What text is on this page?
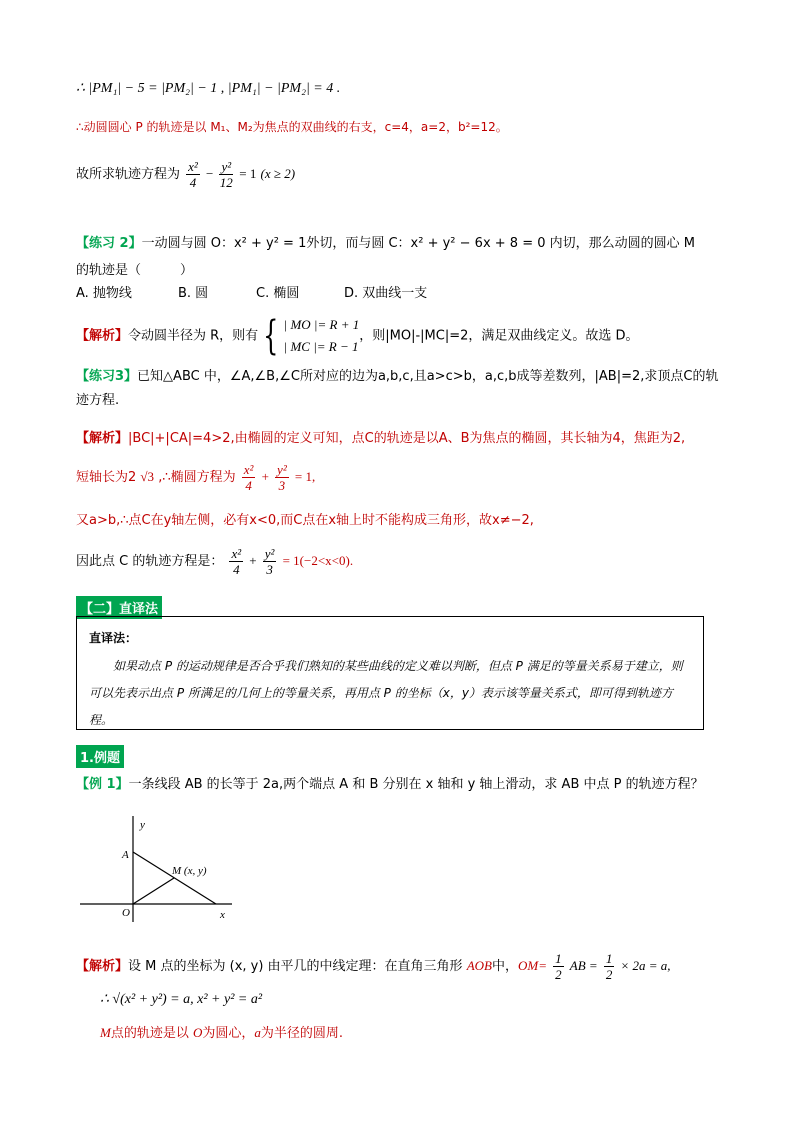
∴ |PM₁| − 5 = |PM₂| − 1 , |PM₁| − |PM₂| = 4 .
∴动圆圆心 P 的轨迹是以 M₁、M₂为焦点的双曲线的右支，c=4，a=2，b²=12。
故所求轨迹方程为 $\frac{\text{x²}}{4} - \frac{\text{y²}}{12} = 1$ (x ≥ 2)
【练习 2】一动圆与圆 O：x² + y² = 1外切，而与圆 C：x² + y² − 6x + 8 = 0 内切，那么动圆的圆心 M
的轨迹是（　　　）
A. 抛物线	B. 圆	C. 椭圆	D. 双曲线一支
【解析】令动圆半径为 R，则有 { | MO |= R + 1
| MC |= R − 1
，则|MO|-|MC|=2，满足双曲线定义。故选 D。
【练习3】已知△ABC 中，∠A,∠B,∠C所对应的边为a,b,c,且a>c>b，a,c,b成等差数列，|AB|=2,求顶点C的轨
迹方程.
【解析】|BC|+|CA|=4>2,由椭圆的定义可知，点C的轨迹是以A、B为焦点的椭圆，其长轴为4，焦距为2,
短轴长为2 √3 ,∴椭圆方程为 $\frac{\text{x²}}{4} + \frac{\text{y²}}{3} = 1$,
又a>b,∴点C在y轴左侧，必有x<0,而C点在x轴上时不能构成三角形，故x≠−2,
因此点 C 的轨迹方程是： $\frac{\text{x²}}{4} + \frac{\text{y²}}{3} = 1(-2<x<0)$.
【二】直译法
直译法：
如果动点 P 的运动规律是否合乎我们熟知的某些曲线的定义难以判断，但点 P 满足的等量关系易于建立，则可以先表示出点 P 所满足的几何上的等量关系，再用点 P 的坐标（x，y）表示该等量关系式，即可得到轨迹方程。
1.例题
【例 1】一条线段 AB 的长等于 2a,两个端点 A 和 B 分别在 x 轴和 y 轴上滑动，求 AB 中点 P 的轨迹方程？
y
A
M (x, y)
O	x
【解析】设 M 点的坐标为 (x, y) 由平几的中线定理：在直角三角形 AOB中，$OM= \frac{1}{2}$ AB = $\frac{1}{2} \times 2a = a$,
∴ √(x² + y²) = a, x² + y² = a²
M点的轨迹是以 O为圆心，a为半径的圆周.
